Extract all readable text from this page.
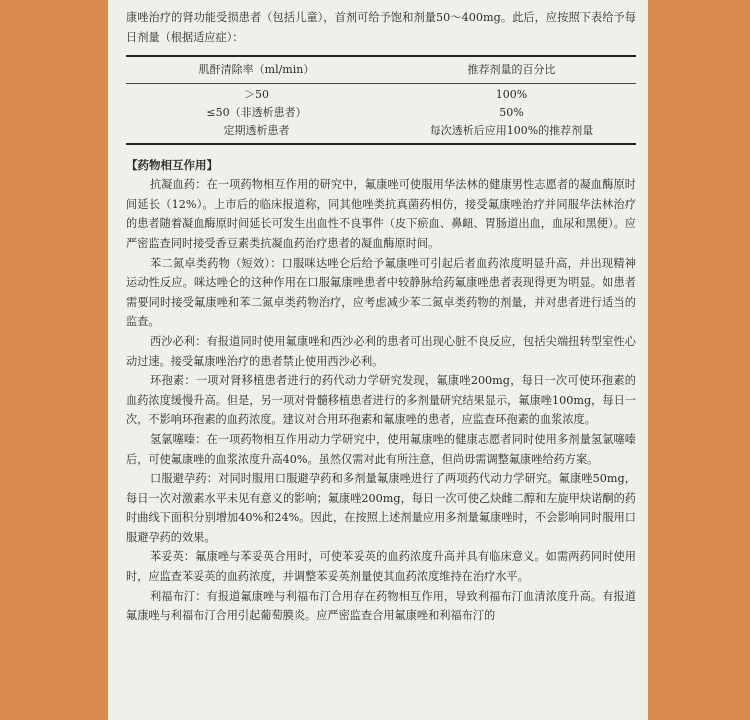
康唑治疗的肾功能受损患者（包括儿童），首剂可给予饱和剂量50～400mg。此后，应按照下表给予每日剂量（根据适应症）：

肌酐清除率（ml/min）	推荐剂量的百分比
＞50	100%
≤50（非透析患者）	50%
定期透析患者	每次透析后应用100%的推荐剂量

【药物相互作用】

抗凝血药：在一项药物相互作用的研究中，氟康唑可使服用华法林的健康男性志愿者的凝血酶原时间延长（12%）。上市后的临床报道称，同其他唑类抗真菌药相仿，接受氟康唑治疗并同服华法林治疗的患者随着凝血酶原时间延长可发生出血性不良事件（皮下瘀血、鼻衄、胃肠道出血，血尿和黑便）。应严密监查同时接受香豆素类抗凝血药治疗患者的凝血酶原时间。

苯二氮卓类药物（短效）：口服咪达唑仑后给予氟康唑可引起后者血药浓度明显升高，并出现精神运动性反应。咪达唑仑的这种作用在口服氟康唑患者中较静脉给药氟康唑患者表现得更为明显。如患者需要同时接受氟康唑和苯二氮卓类药物治疗，应考虑减少苯二氮卓类药物的剂量，并对患者进行适当的监查。

西沙必利：有报道同时使用氟康唑和西沙必利的患者可出现心脏不良反应，包括尖端扭转型室性心动过速。接受氟康唑治疗的患者禁止使用西沙必利。

环孢素：一项对肾移植患者进行的药代动力学研究发现，氟康唑200mg，每日一次可使环孢素的血药浓度缓慢升高。但是，另一项对骨髓移植患者进行的多剂量研究结果显示，氟康唑100mg，每日一次，不影响环孢素的血药浓度。建议对合用环孢素和氟康唑的患者，应监查环孢素的血浆浓度。

氢氯噻嗪：在一项药物相互作用动力学研究中，使用氟康唑的健康志愿者同时使用多剂量氢氯噻嗪后，可使氟康唑的血浆浓度升高40%。虽然仅需对此有所注意，但尚毋需调整氟康唑给药方案。

口服避孕药：对同时服用口服避孕药和多剂量氟康唑进行了两项药代动力学研究。氟康唑50mg，每日一次对激素水平未见有意义的影响；氟康唑200mg，每日一次可使乙炔雌二醇和左旋甲炔诺酮的药时曲线下面积分别增加40%和24%。因此，在按照上述剂量应用多剂量氟康唑时，不会影响同时服用口服避孕药的效果。

苯妥英：氟康唑与苯妥英合用时，可使苯妥英的血药浓度升高并具有临床意义。如需两药同时使用时，应监查苯妥英的血药浓度，并调整苯妥英剂量使其血药浓度维持在治疗水平。

利福布汀：有报道氟康唑与利福布汀合用存在药物相互作用，导致利福布汀血清浓度升高。有报道氟康唑与利福布汀合用引起葡萄膜炎。应严密监查合用氟康唑和利福布汀的
